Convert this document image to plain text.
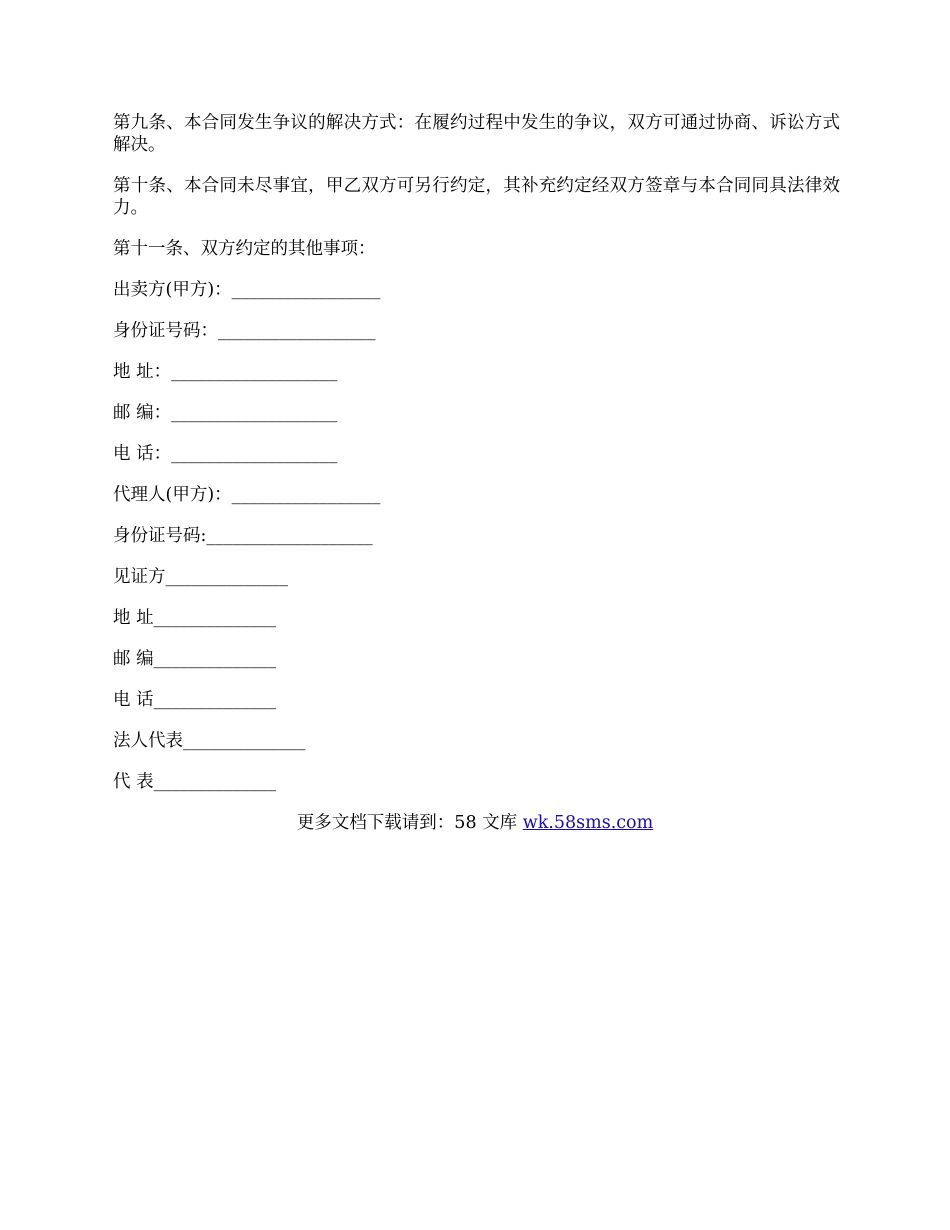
第九条、本合同发生争议的解决方式：在履约过程中发生的争议，双方可通过协商、诉讼方式解决。

第十条、本合同未尽事宜，甲乙双方可另行约定，其补充约定经双方签章与本合同同具法律效力。

第十一条、双方约定的其他事项：

出卖方(甲方)：_________________

身份证号码：__________________

地 址：___________________

邮 编：___________________

电 话：___________________

代理人(甲方)：_________________

身份证号码:___________________

见证方______________

地 址______________

邮 编______________

电 话______________

法人代表______________

代 表______________

更多文档下载请到：58 文库 wk.58sms.com
